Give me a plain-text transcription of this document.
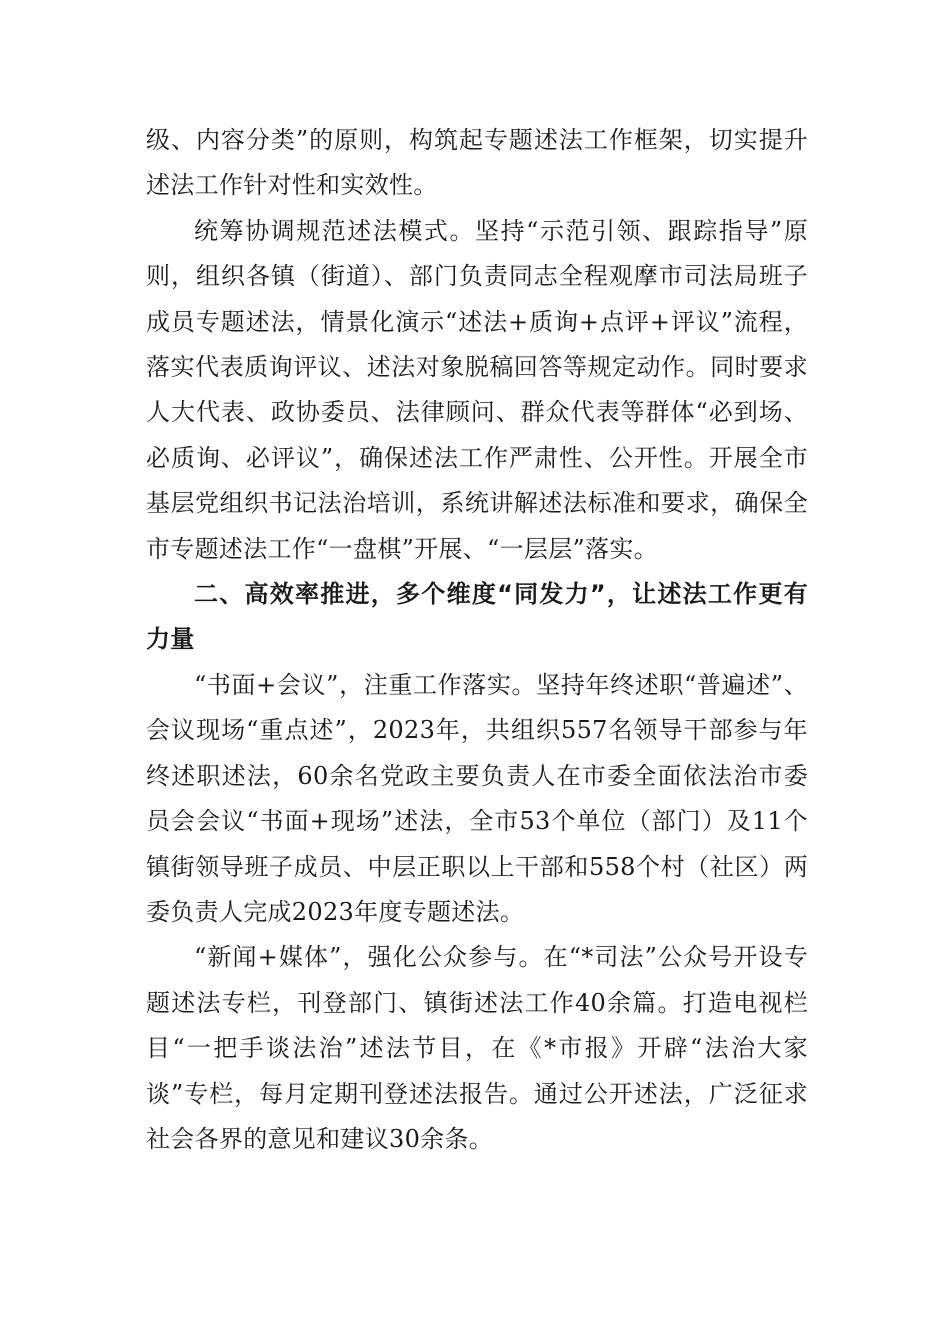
级、内容分类”的原则，构筑起专题述法工作框架，切实提升述法工作针对性和实效性。

统筹协调规范述法模式。坚持“示范引领、跟踪指导”原则，组织各镇（街道）、部门负责同志全程观摩市司法局班子成员专题述法，情景化演示“述法+质询+点评+评议”流程，落实代表质询评议、述法对象脱稿回答等规定动作。同时要求人大代表、政协委员、法律顾问、群众代表等群体“必到场、必质询、必评议”，确保述法工作严肃性、公开性。开展全市基层党组织书记法治培训，系统讲解述法标准和要求，确保全市专题述法工作“一盘棋”开展、“一层层”落实。

二、高效率推进，多个维度“同发力”，让述法工作更有力量

“书面+会议”，注重工作落实。坚持年终述职“普遍述”、会议现场“重点述”，2023年，共组织557名领导干部参与年终述职述法，60余名党政主要负责人在市委全面依法治市委员会会议“书面+现场”述法，全市53个单位（部门）及11个镇街领导班子成员、中层正职以上干部和558个村（社区）两委负责人完成2023年度专题述法。

“新闻+媒体”，强化公众参与。在“*司法”公众号开设专题述法专栏，刊登部门、镇街述法工作40余篇。打造电视栏目“一把手谈法治”述法节目，在《*市报》开辟“法治大家谈”专栏，每月定期刊登述法报告。通过公开述法，广泛征求社会各界的意见和建议30余条。
